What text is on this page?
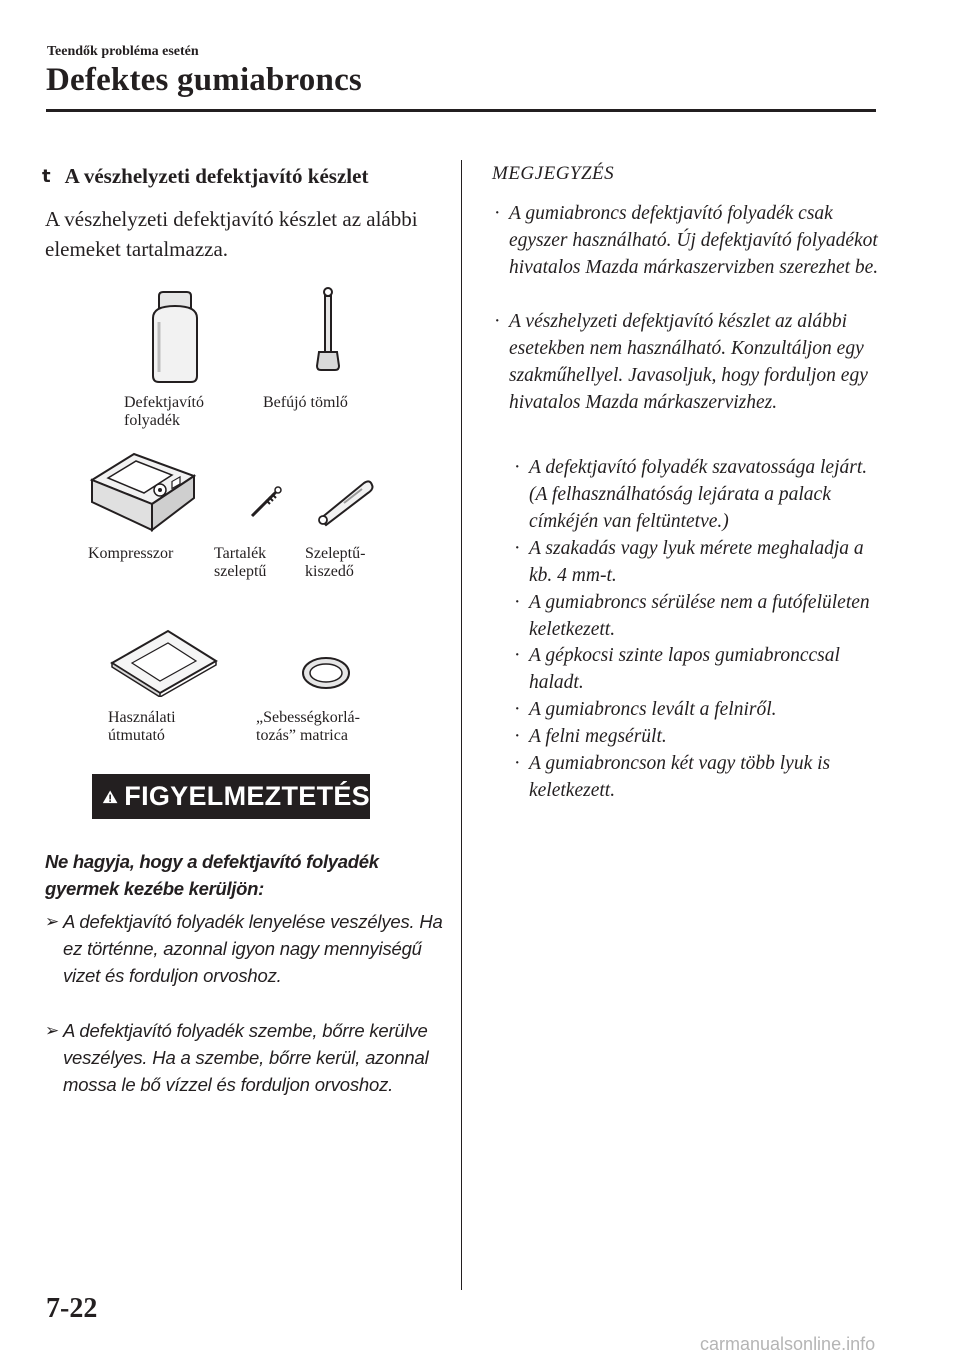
Teendők probléma esetén
Defektes gumiabroncs
t A vészhelyzeti defektjavító készlet
A vészhelyzeti defektjavító készlet az alábbi elemeket tartalmazza.
Defektjavító
folyadék
Befújó tömlő
Kompresszor	Tartalék
szeleptű
Szeleptű-
kiszedő
Használati
útmutató
„Sebességkorlá-
tozás” matrica
FIGYELMEZTETÉS
Ne hagyja, hogy a defektjavító folyadék gyermek kezébe kerüljön:
➢ A defektjavító folyadék lenyelése veszélyes. Ha ez történne, azonnal igyon nagy mennyiségű vizet és forduljon orvoshoz.
➢ A defektjavító folyadék szembe, bőrre kerülve veszélyes. Ha a szembe, bőrre kerül, azonnal mossa le bő vízzel és forduljon orvoshoz.
MEGJEGYZÉS
· A gumiabroncs defektjavító folyadék csak egyszer használható. Új defektjavító folyadékot hivatalos Mazda márkaszervizben szerezhet be.
· A vészhelyzeti defektjavító készlet az alábbi esetekben nem használható. Konzultáljon egy szakműhellyel. Javasoljuk, hogy forduljon egy hivatalos Mazda márkaszervizhez.
· A defektjavító folyadék szavatossága lejárt. (A felhasználhatóság lejárata a palack címkéjén van feltüntetve.)
· A szakadás vagy lyuk mérete meghaladja a kb. 4 mm-t.
· A gumiabroncs sérülése nem a futófelületen keletkezett.
· A gépkocsi szinte lapos gumiabronccsal haladt.
· A gumiabroncs levált a felniről.
· A felni megsérült.
· A gumiabroncson két vagy több lyuk is keletkezett.
7-22
carmanualsonline.info
